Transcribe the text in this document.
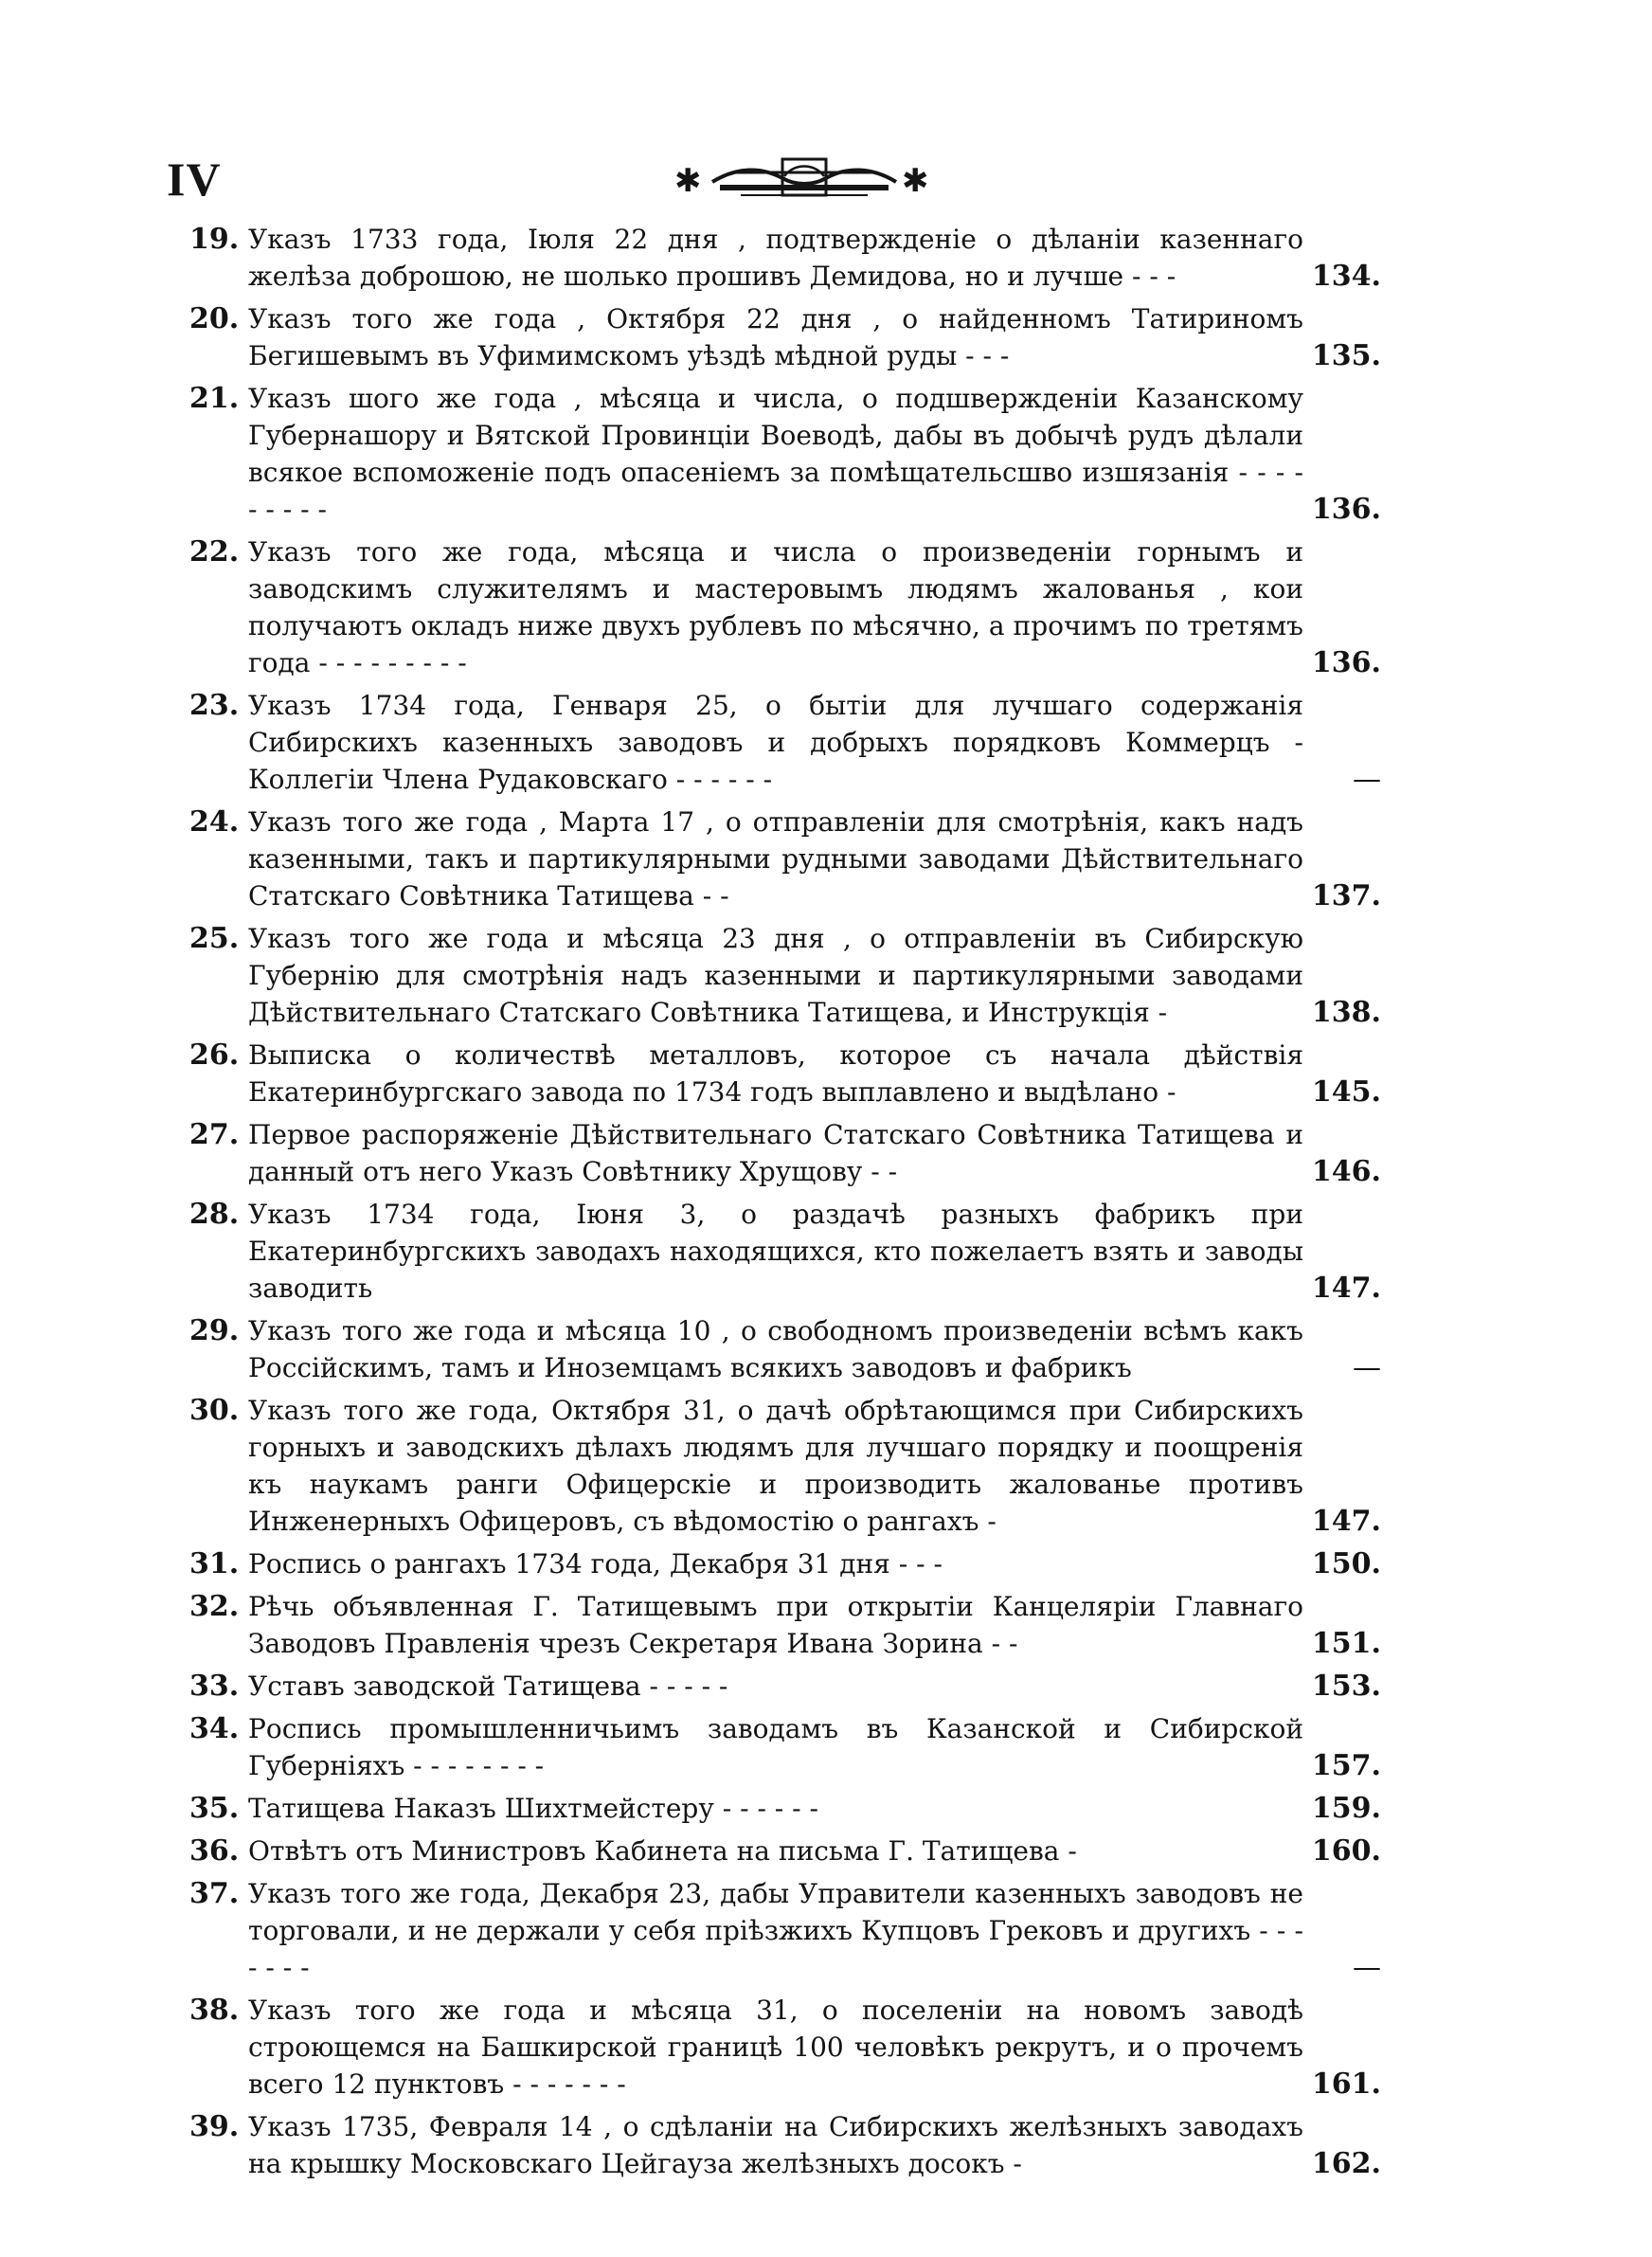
IV	✱	✱
19. Указъ 1733 года, Iюля 22 дня , подтвержденiе о дѣланiи казеннаго желѣза доброшою, не шолько прошивъ Демидова, но и лучше - - -	134.
20. Указъ того же года , Октября 22 дня , о найденномъ Татириномъ Бегишевымъ въ Уфимимскомъ уѣздѣ мѣдной руды - - -	135.
21. Указъ шого же года , мѣсяца и числа, о подшвержденiи Казанскому Губернашору и Вятской Провинцiи Воеводѣ, дабы въ добычѣ рудъ дѣлали всякое вспоможенiе подъ опасенiемъ за помѣщательсшво изшязанiя - - - - - - - - -	136.
22. Указъ того же года, мѣсяца и числа о произведенiи горнымъ и заводскимъ служителямъ и мастеровымъ людямъ жалованья , кои получаютъ окладъ ниже двухъ рублевъ по мѣсячно, а прочимъ по третямъ года - - - - - - - - -	136.
23. Указъ 1734 года, Генваря 25, о бытiи для лучшаго содержанiя Сибирскихъ казенныхъ заводовъ и добрыхъ порядковъ Коммерцъ - Коллегiи Члена Рудаковскаго - - - - - -	—
24. Указъ того же года , Марта 17 , о отправленiи для смотрѣнiя, какъ надъ казенными, такъ и партикулярными рудными заводами Дѣйствительнаго Статскаго Совѣтника Татищева - -	137.
25. Указъ того же года и мѣсяца 23 дня , о отправленiи въ Сибирскую Губернiю для смотрѣнiя надъ казенными и партикулярными заводами Дѣйствительнаго Статскаго Совѣтника Татищева, и Инструкцiя -	138.
26. Выписка о количествѣ металловъ, которое съ начала дѣйствiя Екатеринбургскаго завода по 1734 годъ выплавлено и выдѣлано -	145.
27. Первое распоряженiе Дѣйствительнаго Статскаго Совѣтника Татищева и данный отъ него Указъ Совѣтнику Хрущову - -	146.
28. Указъ 1734 года, Iюня 3, о раздачѣ разныхъ фабрикъ при Екатеринбургскихъ заводахъ находящихся, кто пожелаетъ взять и заводы заводить	147.
29. Указъ того же года и мѣсяца 10 , о свободномъ произведенiи всѣмъ какъ Россiйскимъ, тамъ и Иноземцамъ всякихъ заводовъ и фабрикъ	—
30. Указъ того же года, Октября 31, о дачѣ обрѣтающимся при Сибирскихъ горныхъ и заводскихъ дѣлахъ людямъ для лучшаго порядку и поощренiя къ наукамъ ранги Офицерскiе и производить жалованье противъ Инженерныхъ Офицеровъ, съ вѣдомостiю о рангахъ -	147.
31. Роспись о рангахъ 1734 года, Декабря 31 дня - - -	150.
32. Рѣчь объявленная Г. Татищевымъ при открытiи Канцелярiи Главнаго Заводовъ Правленiя чрезъ Секретаря Ивана Зорина - -	151.
33. Уставъ заводской Татищева - - - - -	153.
34. Роспись промышленничьимъ заводамъ въ Казанской и Сибирской Губернiяхъ - - - - - - - -	157.
35. Татищева Наказъ Шихтмейстеру - - - - - -	159.
36. Отвѣтъ отъ Министровъ Кабинета на письма Г. Татищева -	160.
37. Указъ того же года, Декабря 23, дабы Управители казенныхъ заводовъ не торговали, и не держали у себя прiѣзжихъ Купцовъ Грековъ и другихъ - - - - - - -	—
38. Указъ того же года и мѣсяца 31, о поселенiи на новомъ заводѣ строющемся на Башкирской границѣ 100 человѣкъ рекрутъ, и о прочемъ всего 12 пунктовъ - - - - - - -	161.
39. Указъ 1735, Февраля 14 , о сдѣланiи на Сибирскихъ желѣзныхъ заводахъ на крышку Московскаго Цейгауза желѣзныхъ досокъ -	162.
